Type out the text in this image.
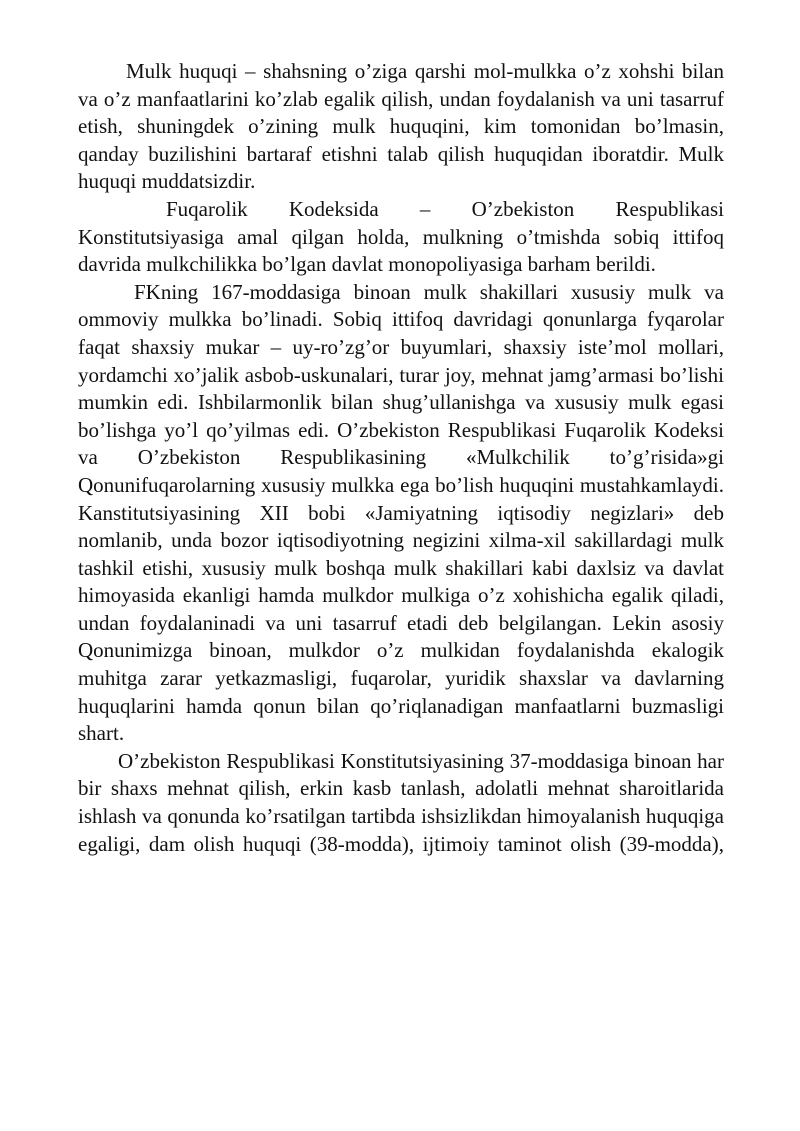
Mulk huquqi – shahsning o’ziga qarshi mol-mulkka o’z xohshi bilan va o’z manfaatlarini ko’zlab egalik qilish, undan foydalanish va uni tasarruf etish, shuningdek o’zining mulk huquqini, kim tomonidan bo’lmasin, qanday buzilishini bartaraf etishni talab qilish huquqidan iboratdir. Mulk huquqi muddatsizdir.

Fuqarolik Kodeksida – O’zbekiston Respublikasi Konstitutsiyasiga amal qilgan holda, mulkning o’tmishda sobiq ittifoq davrida mulkchilikka bo’lgan davlat monopoliyasiga barham berildi.

FKning 167-moddasiga binoan mulk shakillari xususiy mulk va ommoviy mulkka bo’linadi. Sobiq ittifoq davridagi qonunlarga fyqarolar faqat shaxsiy mukar – uy-ro’zg’or buyumlari, shaxsiy iste’mol mollari, yordamchi xo’jalik asbob-uskunalari, turar joy, mehnat jamg’armasi bo’lishi mumkin edi. Ishbilarmonlik bilan shug’ullanishga va xususiy mulk egasi bo’lishga yo’l qo’yilmas edi. O’zbekiston Respublikasi Fuqarolik Kodeksi va O’zbekiston Respublikasining «Mulkchilik to’g’risida»gi Qonunifuqarolarning xususiy mulkka ega bo’lish huquqini mustahkamlaydi. Kanstitutsiyasining XII bobi «Jamiyatning iqtisodiy negizlari» deb nomlanib, unda bozor iqtisodiyotning negizini xilma-xil sakillardagi mulk tashkil etishi, xususiy mulk boshqa mulk shakillari kabi daxlsiz va davlat himoyasida ekanligi hamda mulkdor mulkiga o’z xohishicha egalik qiladi, undan foydalaninadi va uni tasarruf etadi deb belgilangan. Lekin asosiy Qonunimizga binoan, mulkdor o’z mulkidan foydalanishda ekalogik muhitga zarar yetkazmasligi, fuqarolar, yuridik shaxslar va davlarning huquqlarini hamda qonun bilan qo’riqlanadigan manfaatlarni buzmasligi shart.

O’zbekiston Respublikasi Konstitutsiyasining 37-moddasiga binoan har bir shaxs mehnat qilish, erkin kasb tanlash, adolatli mehnat sharoitlarida ishlash va qonunda ko’rsatilgan tartibda ishsizlikdan himoyalanish huquqiga egaligi, dam olish huquqi (38-modda), ijtimoiy taminot olish (39-modda),
